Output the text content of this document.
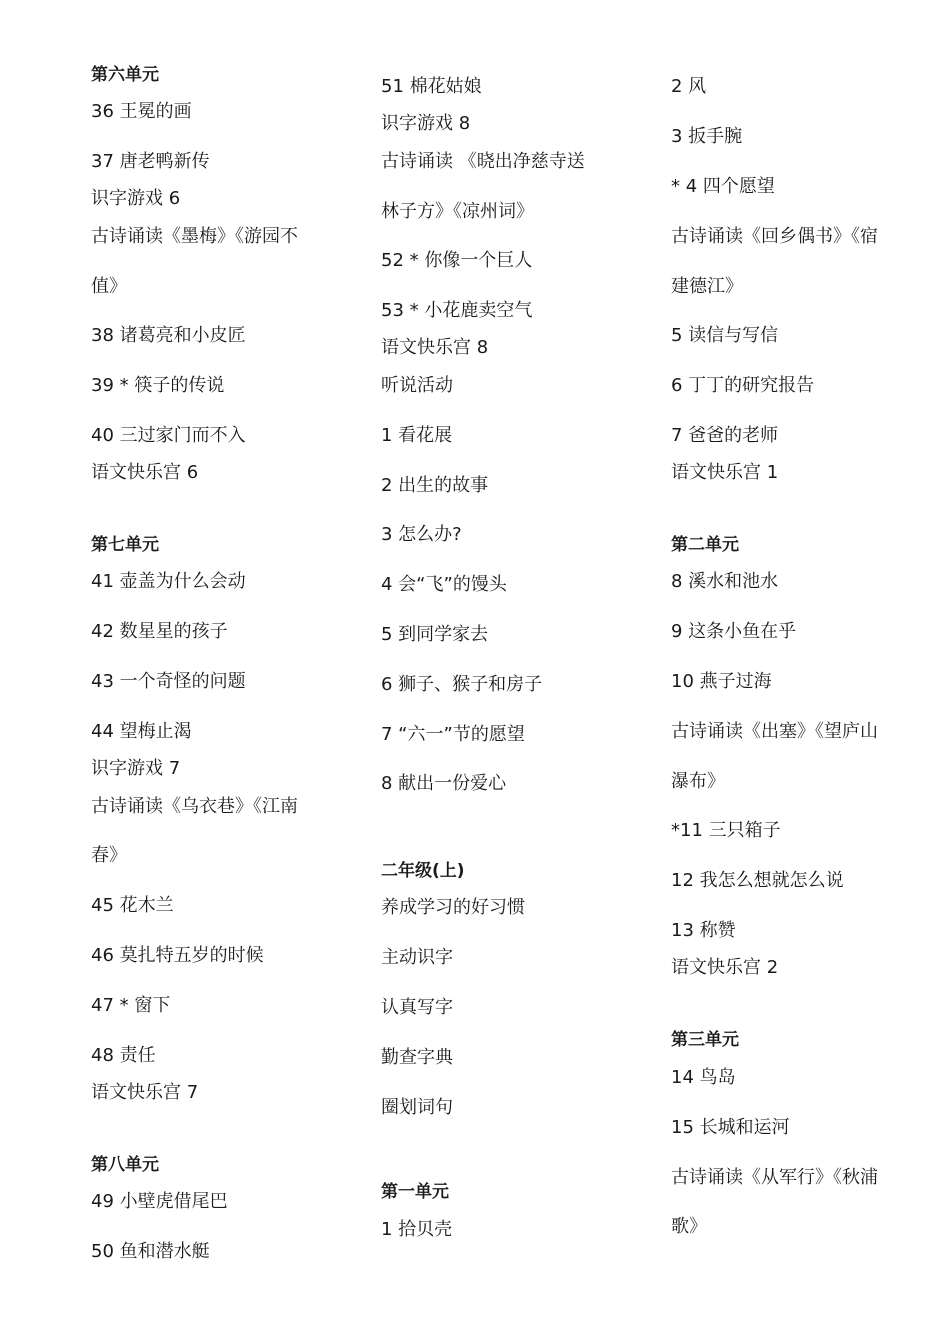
第六单元
36 王冕的画
37 唐老鸭新传
识字游戏 6
古诗诵读《墨梅》《游园不
值》
38 诸葛亮和小皮匠
39 * 筷子的传说
40 三过家门而不入
语文快乐宫 6
第七单元
41 壶盖为什么会动
42 数星星的孩子
43 一个奇怪的问题
44 望梅止渴
识字游戏 7
古诗诵读《乌衣巷》《江南
春》
45 花木兰
46 莫扎特五岁的时候
47 * 窗下
48 责任
语文快乐宫 7
第八单元
49 小壁虎借尾巴
50 鱼和潜水艇
51 棉花姑娘
识字游戏 8
古诗诵读 《晓出净慈寺送
林子方》《凉州词》
52 * 你像一个巨人
53 * 小花鹿卖空气
语文快乐宫 8
听说活动
1 看花展
2 出生的故事
3 怎么办?
4 会“飞”的馒头
5 到同学家去
6 狮子、猴子和房子
7 “六一”节的愿望
8 献出一份爱心
二年级(上)
养成学习的好习惯
主动识字
认真写字
勤查字典
圈划词句
第一单元
1 拾贝壳
2 风
3 扳手腕
* 4 四个愿望
古诗诵读《回乡偶书》《宿
建德江》
5 读信与写信
6 丁丁的研究报告
7 爸爸的老师
语文快乐宫 1
第二单元
8 溪水和池水
9 这条小鱼在乎
10 燕子过海
古诗诵读《出塞》《望庐山
瀑布》
*11 三只箱子
12 我怎么想就怎么说
13 称赞
语文快乐宫 2
第三单元
14 鸟岛
15 长城和运河
古诗诵读《从军行》《秋浦
歌》
